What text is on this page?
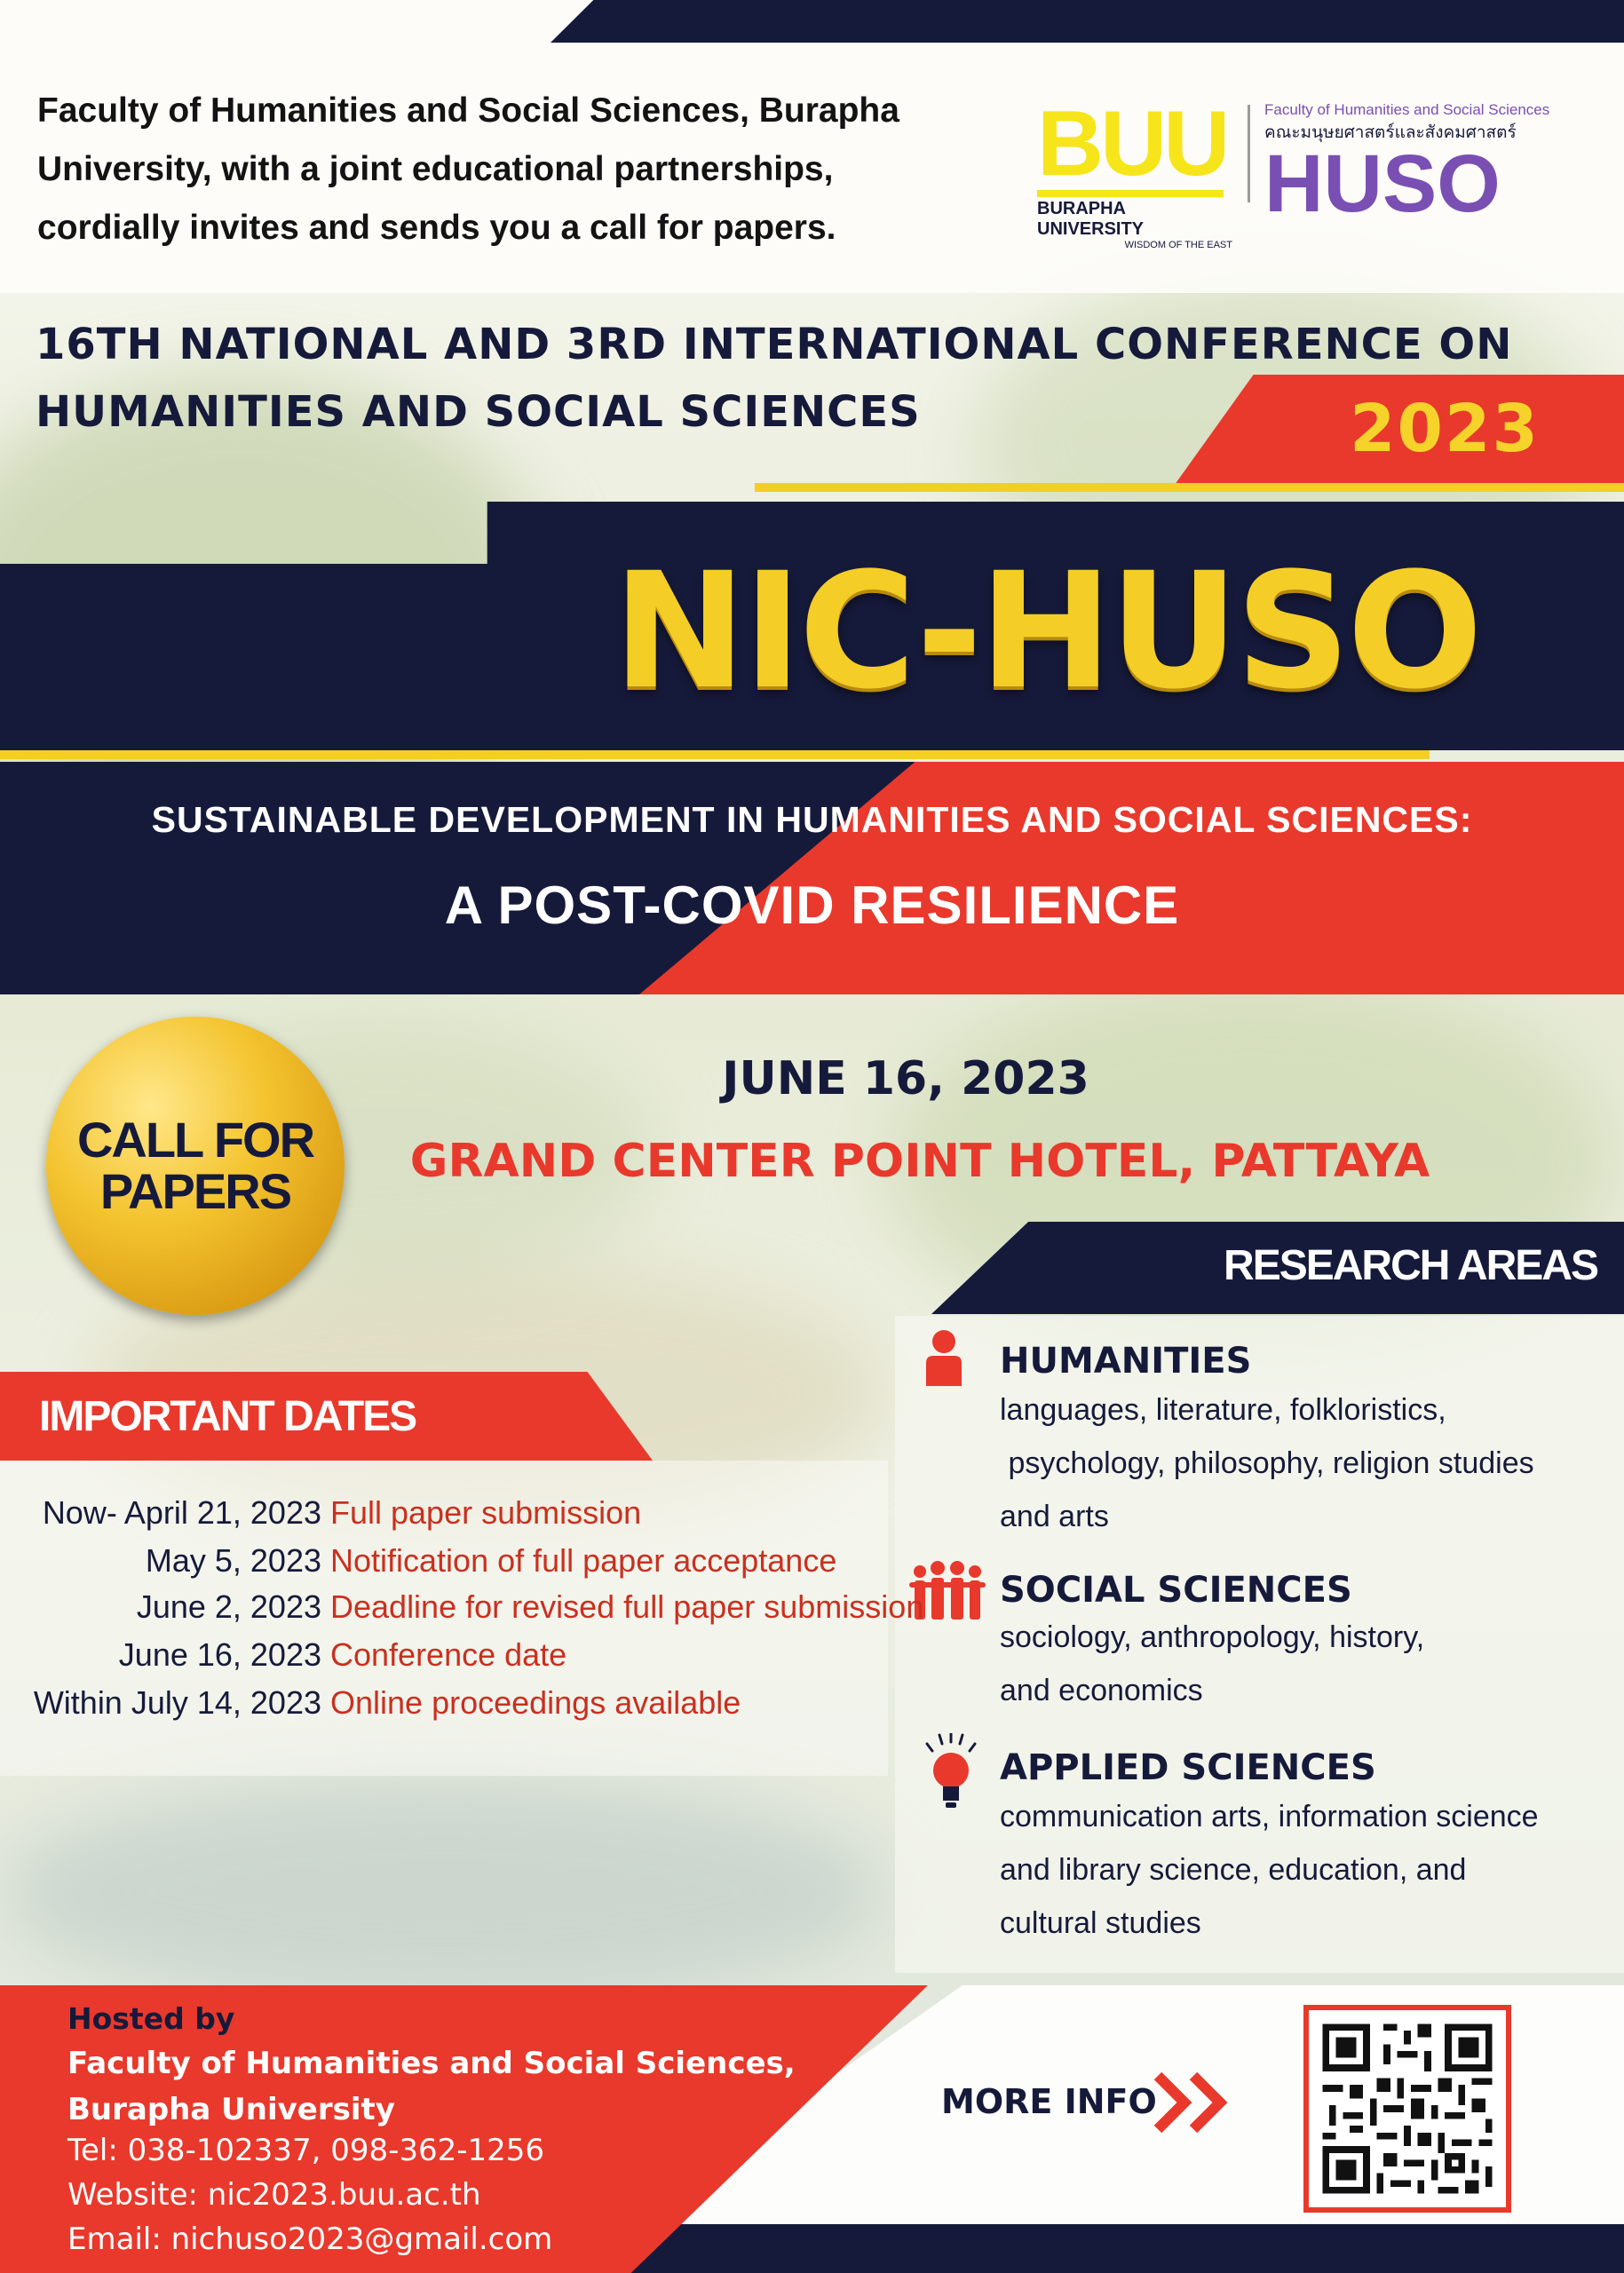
Faculty of Humanities and Social Sciences, Burapha
University, with a joint educational partnerships,
cordially invites and sends you a call for papers.
BUU
BURAPHA UNIVERSITY
WISDOM OF THE EAST
Faculty of Humanities and Social Sciences
คณะมนุษยศาสตร์และสังคมศาสตร์
HUSO
16TH NATIONAL AND 3RD INTERNATIONAL CONFERENCE ON
HUMANITIES AND SOCIAL SCIENCES	2023
NIC-HUSO
SUSTAINABLE DEVELOPMENT IN HUMANITIES AND SOCIAL SCIENCES:
A POST-COVID RESILIENCE
CALL FOR
PAPERS
JUNE 16, 2023
GRAND CENTER POINT HOTEL, PATTAYA
RESEARCH AREAS
HUMANITIES
languages, literature, folkloristics,
psychology, philosophy, religion studies
and arts
SOCIAL SCIENCES
sociology, anthropology, history,
and economics
APPLIED SCIENCES
communication arts, information science
and library science, education, and
cultural studies
IMPORTANT DATES
Now- April 21, 2023 Full paper submission
May 5, 2023 Notification of full paper acceptance
June 2, 2023 Deadline for revised full paper submission
June 16, 2023 Conference date
Within July 14, 2023 Online proceedings available
Hosted by
Faculty of Humanities and Social Sciences,
Burapha University
Tel: 038-102337, 098-362-1256
Website: nic2023.buu.ac.th
Email: nichuso2023@gmail.com
MORE INFO
